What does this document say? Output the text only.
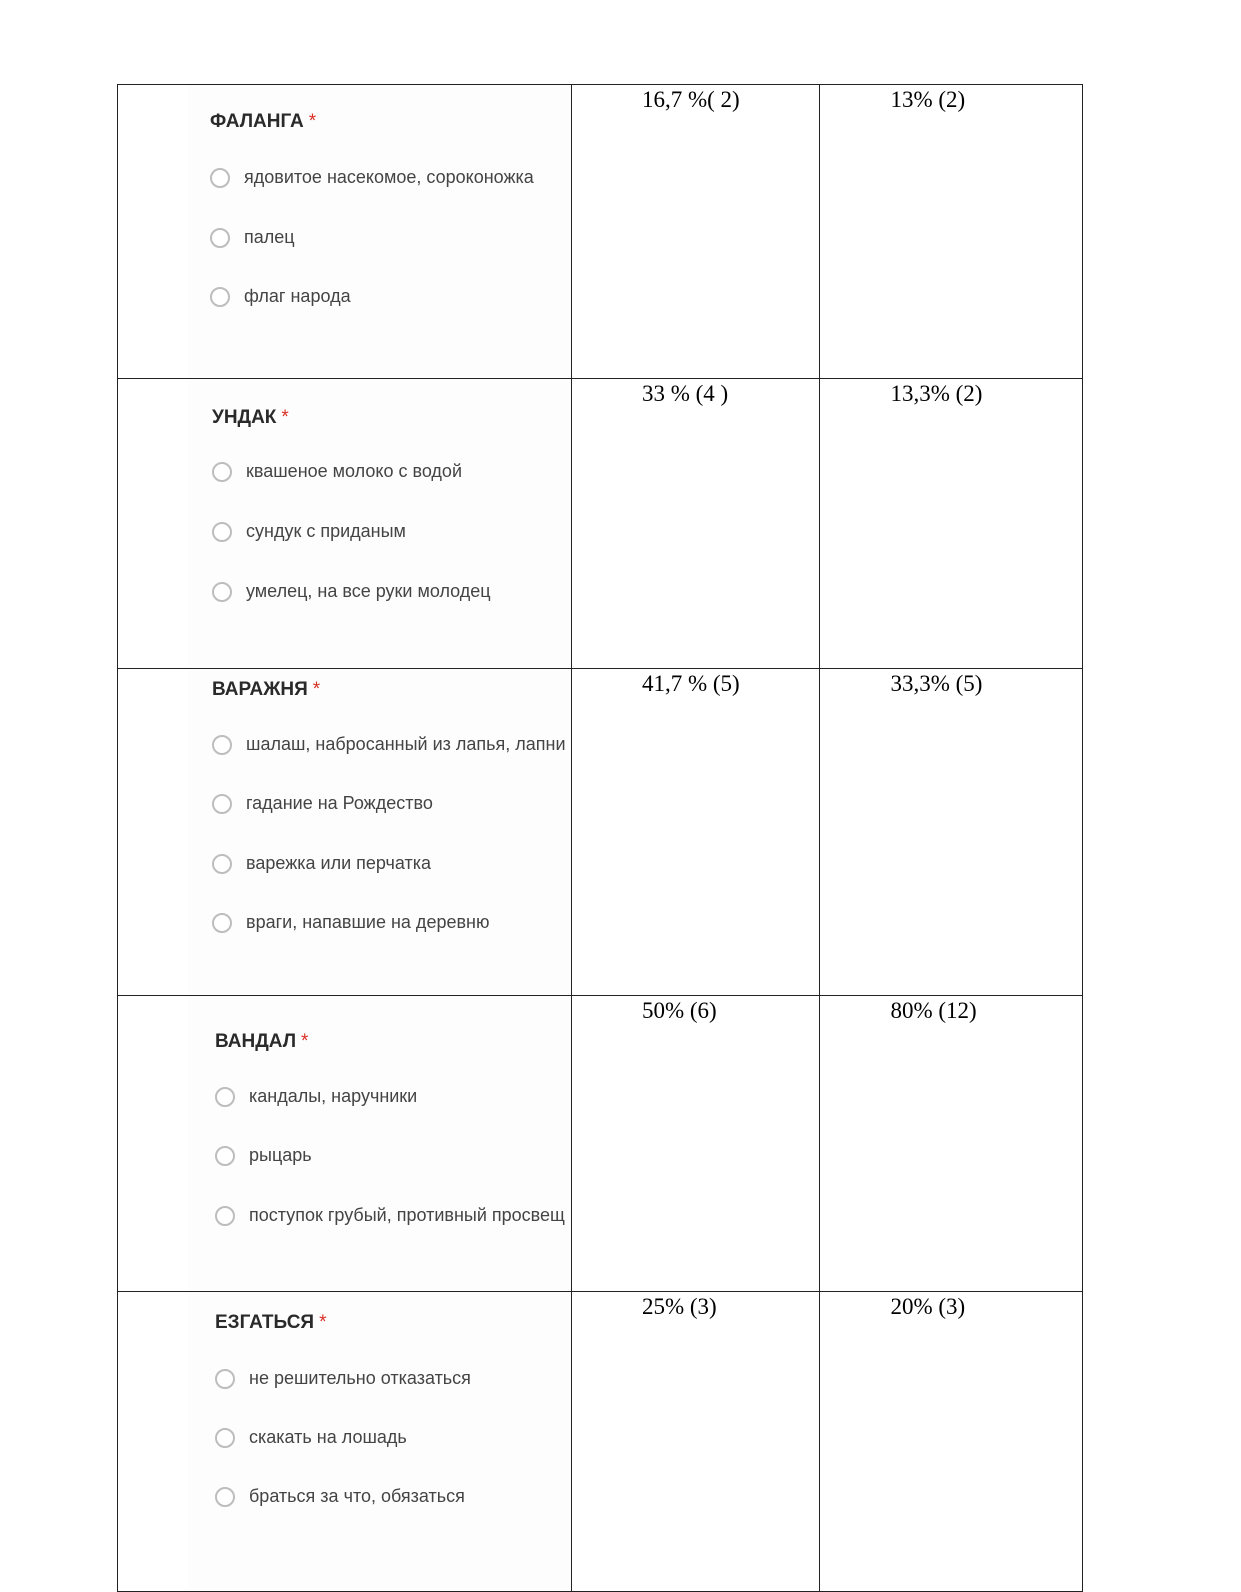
ФАЛАНГА *
ядовитое насекомое, сороконожка
палец
флаг народа	16,7 %( 2)	13% (2)

УНДАК *
квашеное молоко с водой
сундук с приданым
умелец, на все руки молодец	33 % (4 )	13,3% (2)

ВАРАЖНЯ *
шалаш, набросанный из лапья, лапни
гадание на Рождество
варежка или перчатка
враги, напавшие на деревню	41,7 % (5)	33,3% (5)

ВАНДАЛ *
кандалы, наручники
рыцарь
поступок грубый, противный просвещ	50% (6)	80% (12)

ЕЗГАТЬСЯ *
не решительно отказаться
скакать на лошадь
браться за что, обязаться	25% (3)	20% (3)
